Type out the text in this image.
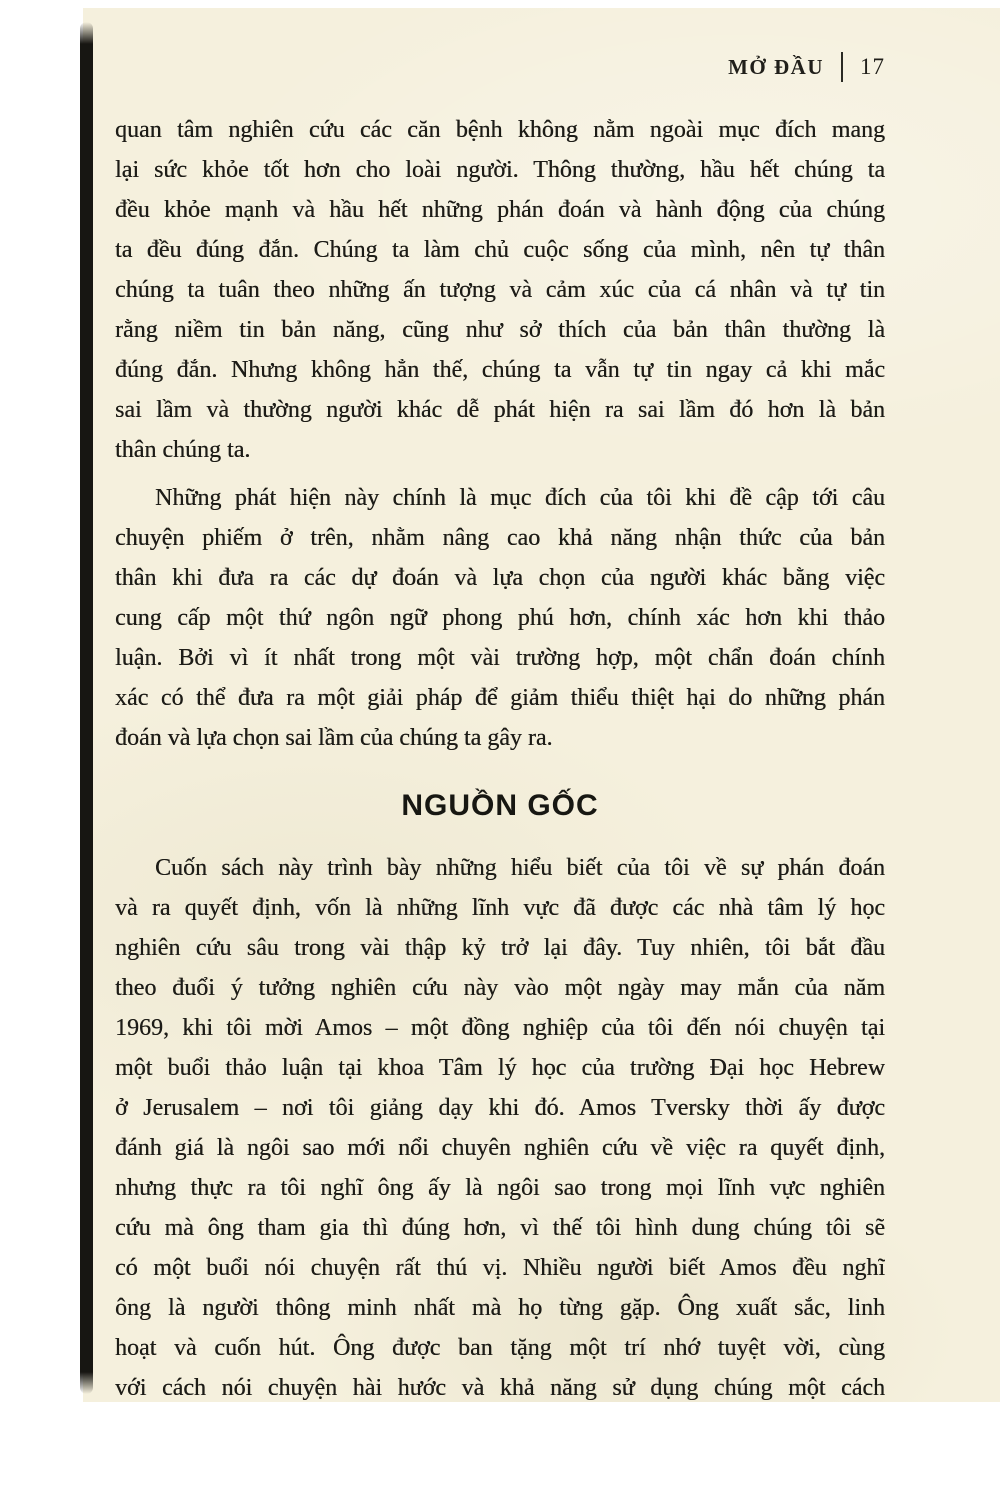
MỞ ĐẦU 17
quan tâm nghiên cứu các căn bệnh không nằm ngoài mục đích mang
lại sức khỏe tốt hơn cho loài người. Thông thường, hầu hết chúng ta
đều khỏe mạnh và hầu hết những phán đoán và hành động của chúng
ta đều đúng đắn. Chúng ta làm chủ cuộc sống của mình, nên tự thân
chúng ta tuân theo những ấn tượng và cảm xúc của cá nhân và tự tin
rằng niềm tin bản năng, cũng như sở thích của bản thân thường là
đúng đắn. Nhưng không hẳn thế, chúng ta vẫn tự tin ngay cả khi mắc
sai lầm và thường người khác dễ phát hiện ra sai lầm đó hơn là bản
thân chúng ta.
Những phát hiện này chính là mục đích của tôi khi đề cập tới câu
chuyện phiếm ở trên, nhằm nâng cao khả năng nhận thức của bản
thân khi đưa ra các dự đoán và lựa chọn của người khác bằng việc
cung cấp một thứ ngôn ngữ phong phú hơn, chính xác hơn khi thảo
luận. Bởi vì ít nhất trong một vài trường hợp, một chẩn đoán chính
xác có thể đưa ra một giải pháp để giảm thiểu thiệt hại do những phán
đoán và lựa chọn sai lầm của chúng ta gây ra.
NGUỒN GỐC
Cuốn sách này trình bày những hiểu biết của tôi về sự phán đoán
và ra quyết định, vốn là những lĩnh vực đã được các nhà tâm lý học
nghiên cứu sâu trong vài thập kỷ trở lại đây. Tuy nhiên, tôi bắt đầu
theo đuổi ý tưởng nghiên cứu này vào một ngày may mắn của năm
1969, khi tôi mời Amos – một đồng nghiệp của tôi đến nói chuyện tại
một buổi thảo luận tại khoa Tâm lý học của trường Đại học Hebrew
ở Jerusalem – nơi tôi giảng dạy khi đó. Amos Tversky thời ấy được
đánh giá là ngôi sao mới nổi chuyên nghiên cứu về việc ra quyết định,
nhưng thực ra tôi nghĩ ông ấy là ngôi sao trong mọi lĩnh vực nghiên
cứu mà ông tham gia thì đúng hơn, vì thế tôi hình dung chúng tôi sẽ
có một buổi nói chuyện rất thú vị. Nhiều người biết Amos đều nghĩ
ông là người thông minh nhất mà họ từng gặp. Ông xuất sắc, linh
hoạt và cuốn hút. Ông được ban tặng một trí nhớ tuyệt vời, cùng
với cách nói chuyện hài hước và khả năng sử dụng chúng một cách
